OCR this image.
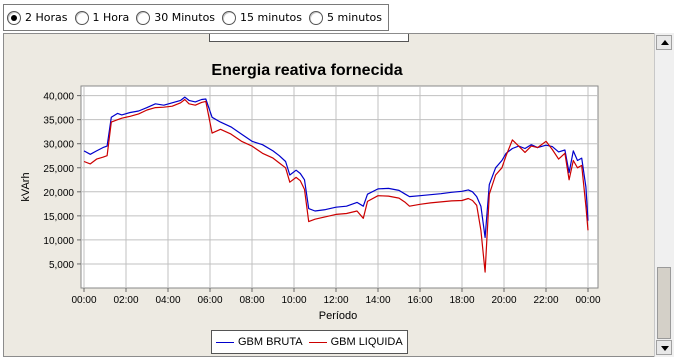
2 Horas 1 Hora 30 Minutos 15 minutos 5 minutos
Energia reativa fornecida
5,000
10,000
15,000
20,000
25,000
30,000
35,000
40,000
00:00 02:00 04:00 06:00 08:00 10:00 12:00 14:00 16:00 18:00 20:00 22:00 00:00
kVArh
Período
GBM BRUTA	GBM LIQUIDA
